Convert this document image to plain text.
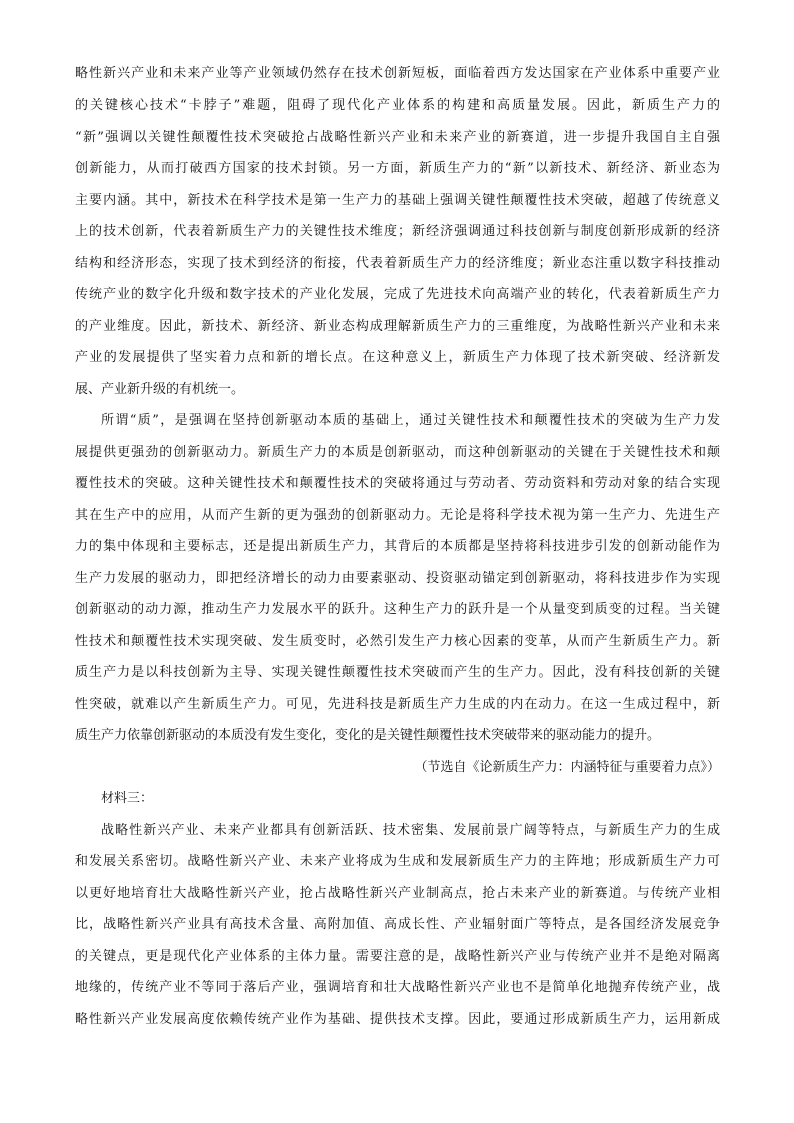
略性新兴产业和未来产业等产业领域仍然存在技术创新短板，面临着西方发达国家在产业体系中重要产业
的关键核心技术“卡脖子”难题，阻碍了现代化产业体系的构建和高质量发展。因此，新质生产力的
“新”强调以关键性颠覆性技术突破抢占战略性新兴产业和未来产业的新赛道，进一步提升我国自主自强
创新能力，从而打破西方国家的技术封锁。另一方面，新质生产力的“新”以新技术、新经济、新业态为
主要内涵。其中，新技术在科学技术是第一生产力的基础上强调关键性颠覆性技术突破，超越了传统意义
上的技术创新，代表着新质生产力的关键性技术维度；新经济强调通过科技创新与制度创新形成新的经济
结构和经济形态，实现了技术到经济的衔接，代表着新质生产力的经济维度；新业态注重以数字科技推动
传统产业的数字化升级和数字技术的产业化发展，完成了先进技术向高端产业的转化，代表着新质生产力
的产业维度。因此，新技术、新经济、新业态构成理解新质生产力的三重维度，为战略性新兴产业和未来
产业的发展提供了坚实着力点和新的增长点。在这种意义上，新质生产力体现了技术新突破、经济新发
展、产业新升级的有机统一。
所谓“质”，是强调在坚持创新驱动本质的基础上，通过关键性技术和颠覆性技术的突破为生产力发
展提供更强劲的创新驱动力。新质生产力的本质是创新驱动，而这种创新驱动的关键在于关键性技术和颠
覆性技术的突破。这种关键性技术和颠覆性技术的突破将通过与劳动者、劳动资料和劳动对象的结合实现
其在生产中的应用，从而产生新的更为强劲的创新驱动力。无论是将科学技术视为第一生产力、先进生产
力的集中体现和主要标志，还是提出新质生产力，其背后的本质都是坚持将科技进步引发的创新动能作为
生产力发展的驱动力，即把经济增长的动力由要素驱动、投资驱动锚定到创新驱动，将科技进步作为实现
创新驱动的动力源，推动生产力发展水平的跃升。这种生产力的跃升是一个从量变到质变的过程。当关键
性技术和颠覆性技术实现突破、发生质变时，必然引发生产力核心因素的变革，从而产生新质生产力。新
质生产力是以科技创新为主导、实现关键性颠覆性技术突破而产生的生产力。因此，没有科技创新的关键
性突破，就难以产生新质生产力。可见，先进科技是新质生产力生成的内在动力。在这一生成过程中，新
质生产力依靠创新驱动的本质没有发生变化，变化的是关键性颠覆性技术突破带来的驱动能力的提升。
（节选自《论新质生产力：内涵特征与重要着力点》）
材料三：
战略性新兴产业、未来产业都具有创新活跃、技术密集、发展前景广阔等特点，与新质生产力的生成
和发展关系密切。战略性新兴产业、未来产业将成为生成和发展新质生产力的主阵地；形成新质生产力可
以更好地培育壮大战略性新兴产业，抢占战略性新兴产业制高点，抢占未来产业的新赛道。与传统产业相
比，战略性新兴产业具有高技术含量、高附加值、高成长性、产业辐射面广等特点，是各国经济发展竞争
的关键点，更是现代化产业体系的主体力量。需要注意的是，战略性新兴产业与传统产业并不是绝对隔离
地缘的，传统产业不等同于落后产业，强调培育和壮大战略性新兴产业也不是简单化地抛弃传统产业，战
略性新兴产业发展高度依赖传统产业作为基础、提供技术支撑。因此，要通过形成新质生产力，运用新成
